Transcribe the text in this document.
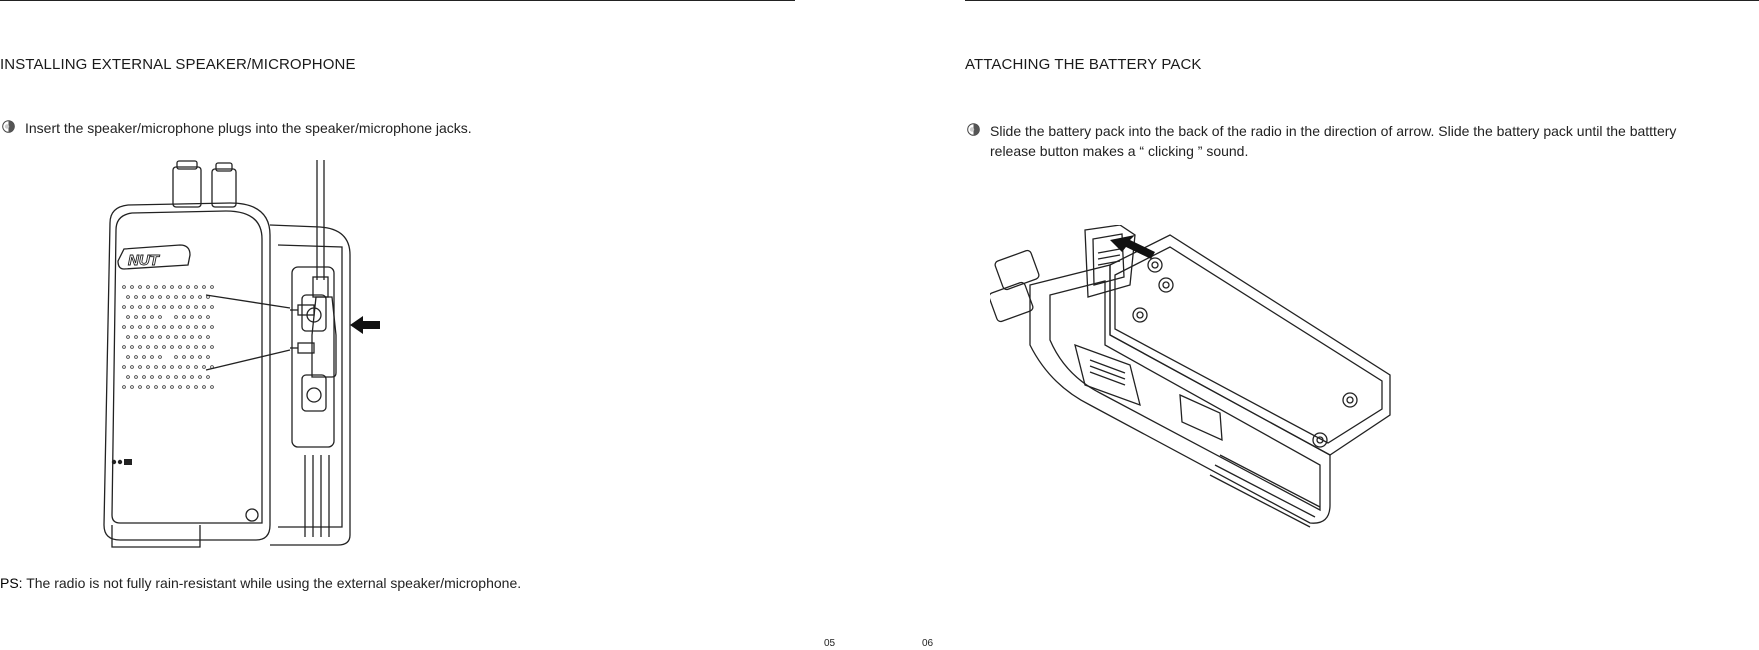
INSTALLING EXTERNAL SPEAKER/MICROPHONE
Insert the speaker/microphone plugs into the speaker/microphone jacks.
NUT
PS: The radio is not fully rain-resistant while using the external speaker/microphone.
05
ATTACHING THE BATTERY PACK
Slide the battery pack into the back of the radio in the direction of arrow. Slide the battery pack until the batttery release button makes a “ clicking ” sound.
06
